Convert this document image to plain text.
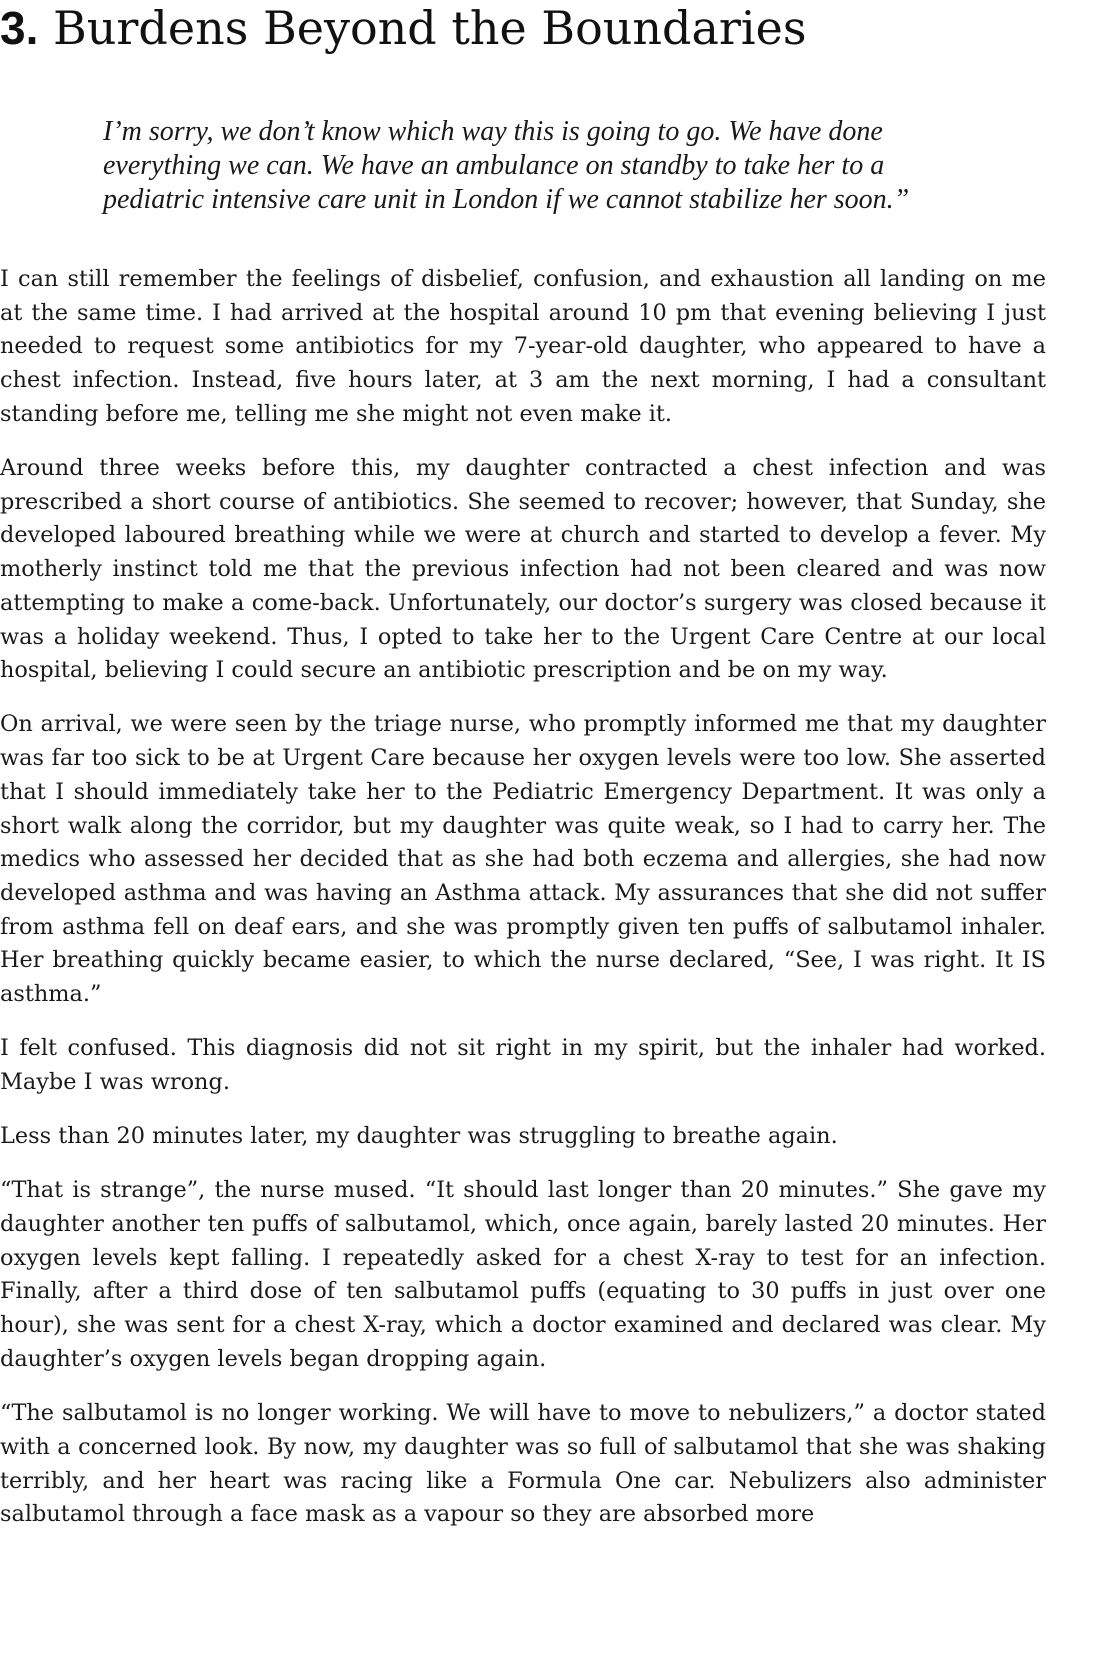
3. Burdens Beyond the Boundaries

I’m sorry, we don’t know which way this is going to go. We have done everything we can. We have an ambulance on standby to take her to a pediatric intensive care unit in London if we cannot stabilize her soon.”

I can still remember the feelings of disbelief, confusion, and exhaustion all landing on me at the same time. I had arrived at the hospital around 10 pm that evening believing I just needed to request some antibiotics for my 7-year-old daughter, who appeared to have a chest infection. Instead, five hours later, at 3 am the next morning, I had a consultant standing before me, telling me she might not even make it.

Around three weeks before this, my daughter contracted a chest infection and was prescribed a short course of antibiotics. She seemed to recover; however, that Sunday, she developed laboured breathing while we were at church and started to develop a fever. My motherly instinct told me that the previous infection had not been cleared and was now attempting to make a come-back. Unfortunately, our doctor’s surgery was closed because it was a holiday weekend. Thus, I opted to take her to the Urgent Care Centre at our local hospital, believing I could secure an antibiotic prescription and be on my way.

On arrival, we were seen by the triage nurse, who promptly informed me that my daughter was far too sick to be at Urgent Care because her oxygen levels were too low. She asserted that I should immediately take her to the Pediatric Emergency Department. It was only a short walk along the corridor, but my daughter was quite weak, so I had to carry her. The medics who assessed her decided that as she had both eczema and allergies, she had now developed asthma and was having an Asthma attack. My assurances that she did not suffer from asthma fell on deaf ears, and she was promptly given ten puffs of salbutamol inhaler. Her breathing quickly became easier, to which the nurse declared, “See, I was right. It IS asthma.”

I felt confused. This diagnosis did not sit right in my spirit, but the inhaler had worked. Maybe I was wrong.

Less than 20 minutes later, my daughter was struggling to breathe again.

“That is strange”, the nurse mused. “It should last longer than 20 minutes.” She gave my daughter another ten puffs of salbutamol, which, once again, barely lasted 20 minutes. Her oxygen levels kept falling. I repeatedly asked for a chest X-ray to test for an infection. Finally, after a third dose of ten salbutamol puffs (equating to 30 puffs in just over one hour), she was sent for a chest X-ray, which a doctor examined and declared was clear. My daughter’s oxygen levels began dropping again.

“The salbutamol is no longer working. We will have to move to nebulizers,” a doctor stated with a concerned look. By now, my daughter was so full of salbutamol that she was shaking terribly, and her heart was racing like a Formula One car. Nebulizers also administer salbutamol through a face mask as a vapour so they are absorbed more
